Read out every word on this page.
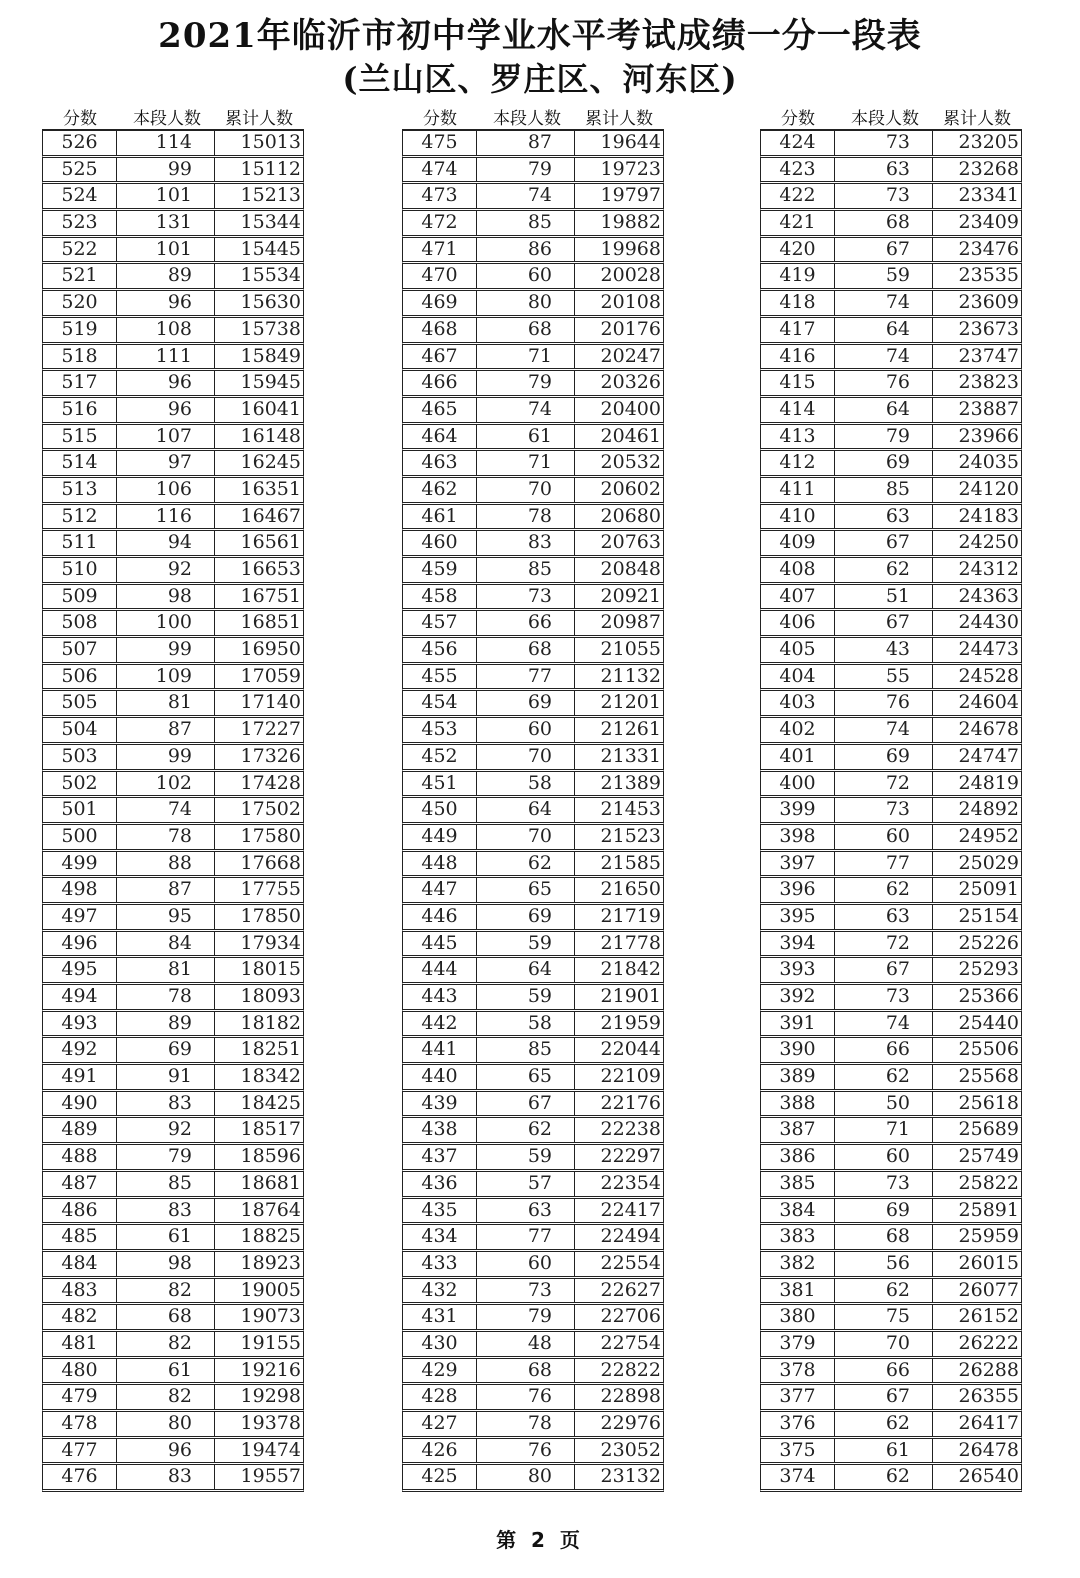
2021年临沂市初中学业水平考试成绩一分一段表
(兰山区、罗庄区、河东区)
分数	本段人数	累计人数
526	114	15013
525	99	15112
524	101	15213
523	131	15344
522	101	15445
521	89	15534
520	96	15630
519	108	15738
518	111	15849
517	96	15945
516	96	16041
515	107	16148
514	97	16245
513	106	16351
512	116	16467
511	94	16561
510	92	16653
509	98	16751
508	100	16851
507	99	16950
506	109	17059
505	81	17140
504	87	17227
503	99	17326
502	102	17428
501	74	17502
500	78	17580
499	88	17668
498	87	17755
497	95	17850
496	84	17934
495	81	18015
494	78	18093
493	89	18182
492	69	18251
491	91	18342
490	83	18425
489	92	18517
488	79	18596
487	85	18681
486	83	18764
485	61	18825
484	98	18923
483	82	19005
482	68	19073
481	82	19155
480	61	19216
479	82	19298
478	80	19378
477	96	19474
476	83	19557
分数	本段人数	累计人数
475	87	19644
474	79	19723
473	74	19797
472	85	19882
471	86	19968
470	60	20028
469	80	20108
468	68	20176
467	71	20247
466	79	20326
465	74	20400
464	61	20461
463	71	20532
462	70	20602
461	78	20680
460	83	20763
459	85	20848
458	73	20921
457	66	20987
456	68	21055
455	77	21132
454	69	21201
453	60	21261
452	70	21331
451	58	21389
450	64	21453
449	70	21523
448	62	21585
447	65	21650
446	69	21719
445	59	21778
444	64	21842
443	59	21901
442	58	21959
441	85	22044
440	65	22109
439	67	22176
438	62	22238
437	59	22297
436	57	22354
435	63	22417
434	77	22494
433	60	22554
432	73	22627
431	79	22706
430	48	22754
429	68	22822
428	76	22898
427	78	22976
426	76	23052
425	80	23132
分数	本段人数	累计人数
424	73	23205
423	63	23268
422	73	23341
421	68	23409
420	67	23476
419	59	23535
418	74	23609
417	64	23673
416	74	23747
415	76	23823
414	64	23887
413	79	23966
412	69	24035
411	85	24120
410	63	24183
409	67	24250
408	62	24312
407	51	24363
406	67	24430
405	43	24473
404	55	24528
403	76	24604
402	74	24678
401	69	24747
400	72	24819
399	73	24892
398	60	24952
397	77	25029
396	62	25091
395	63	25154
394	72	25226
393	67	25293
392	73	25366
391	74	25440
390	66	25506
389	62	25568
388	50	25618
387	71	25689
386	60	25749
385	73	25822
384	69	25891
383	68	25959
382	56	26015
381	62	26077
380	75	26152
379	70	26222
378	66	26288
377	67	26355
376	62	26417
375	61	26478
374	62	26540
第 2 页
